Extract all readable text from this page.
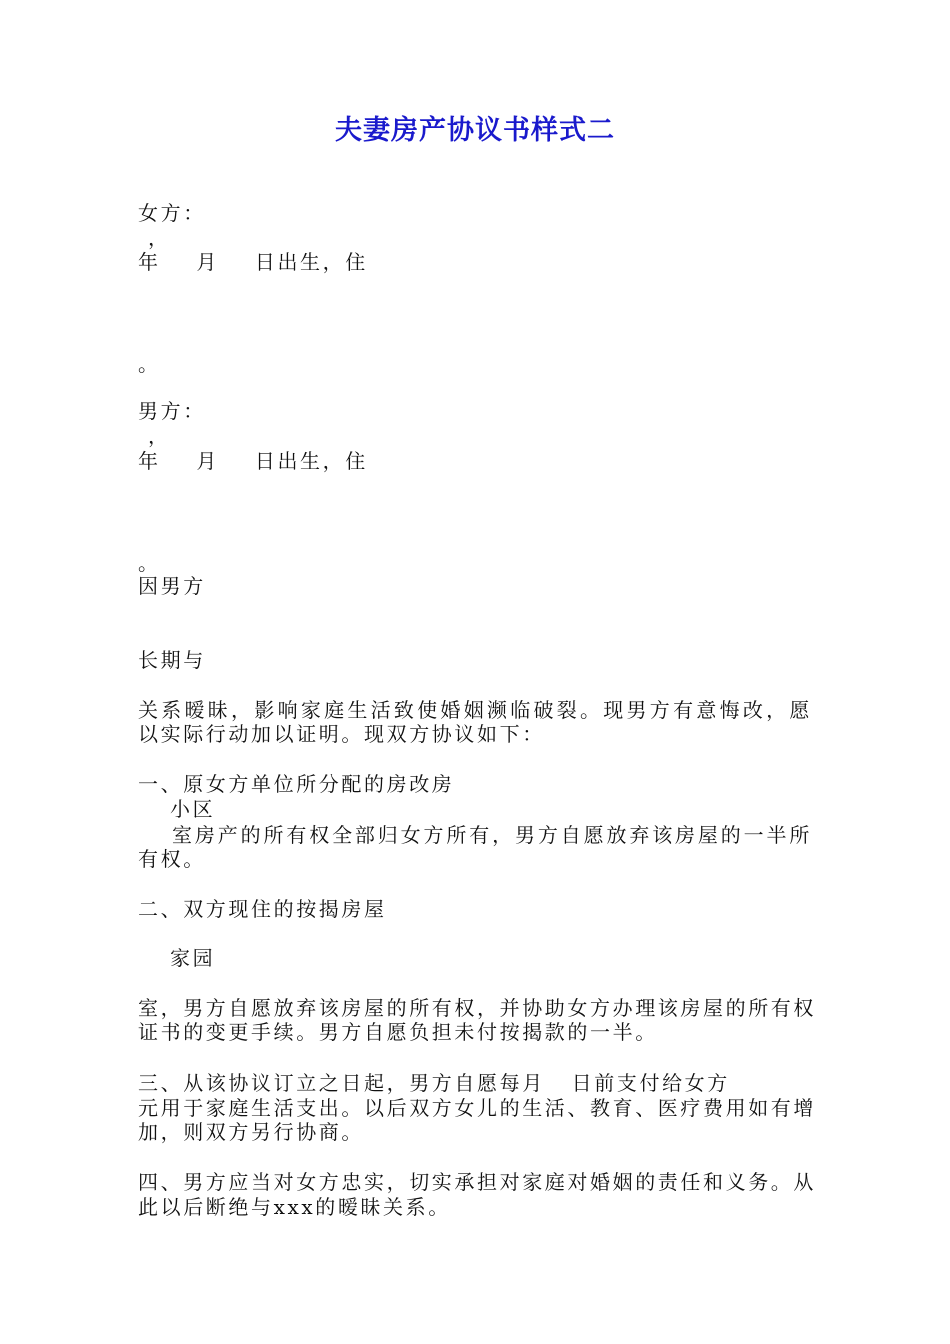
夫妻房产协议书样式二
女方：
，
年    月    日出生，住
。
男方：
，
年    月    日出生，住
。
因男方
长期与
关系暧昧，影响家庭生活致使婚姻濒临破裂。现男方有意悔改，愿
以实际行动加以证明。现双方协议如下：
一、原女方单位所分配的房改房
小区
室房产的所有权全部归女方所有，男方自愿放弃该房屋的一半所
有权。
二、双方现住的按揭房屋
家园
室，男方自愿放弃该房屋的所有权，并协助女方办理该房屋的所有权
证书的变更手续。男方自愿负担未付按揭款的一半。
三、从该协议订立之日起，男方自愿每月   日前支付给女方
元用于家庭生活支出。以后双方女儿的生活、教育、医疗费用如有增
加，则双方另行协商。
四、男方应当对女方忠实，切实承担对家庭对婚姻的责任和义务。从
此以后断绝与xxx的暧昧关系。
